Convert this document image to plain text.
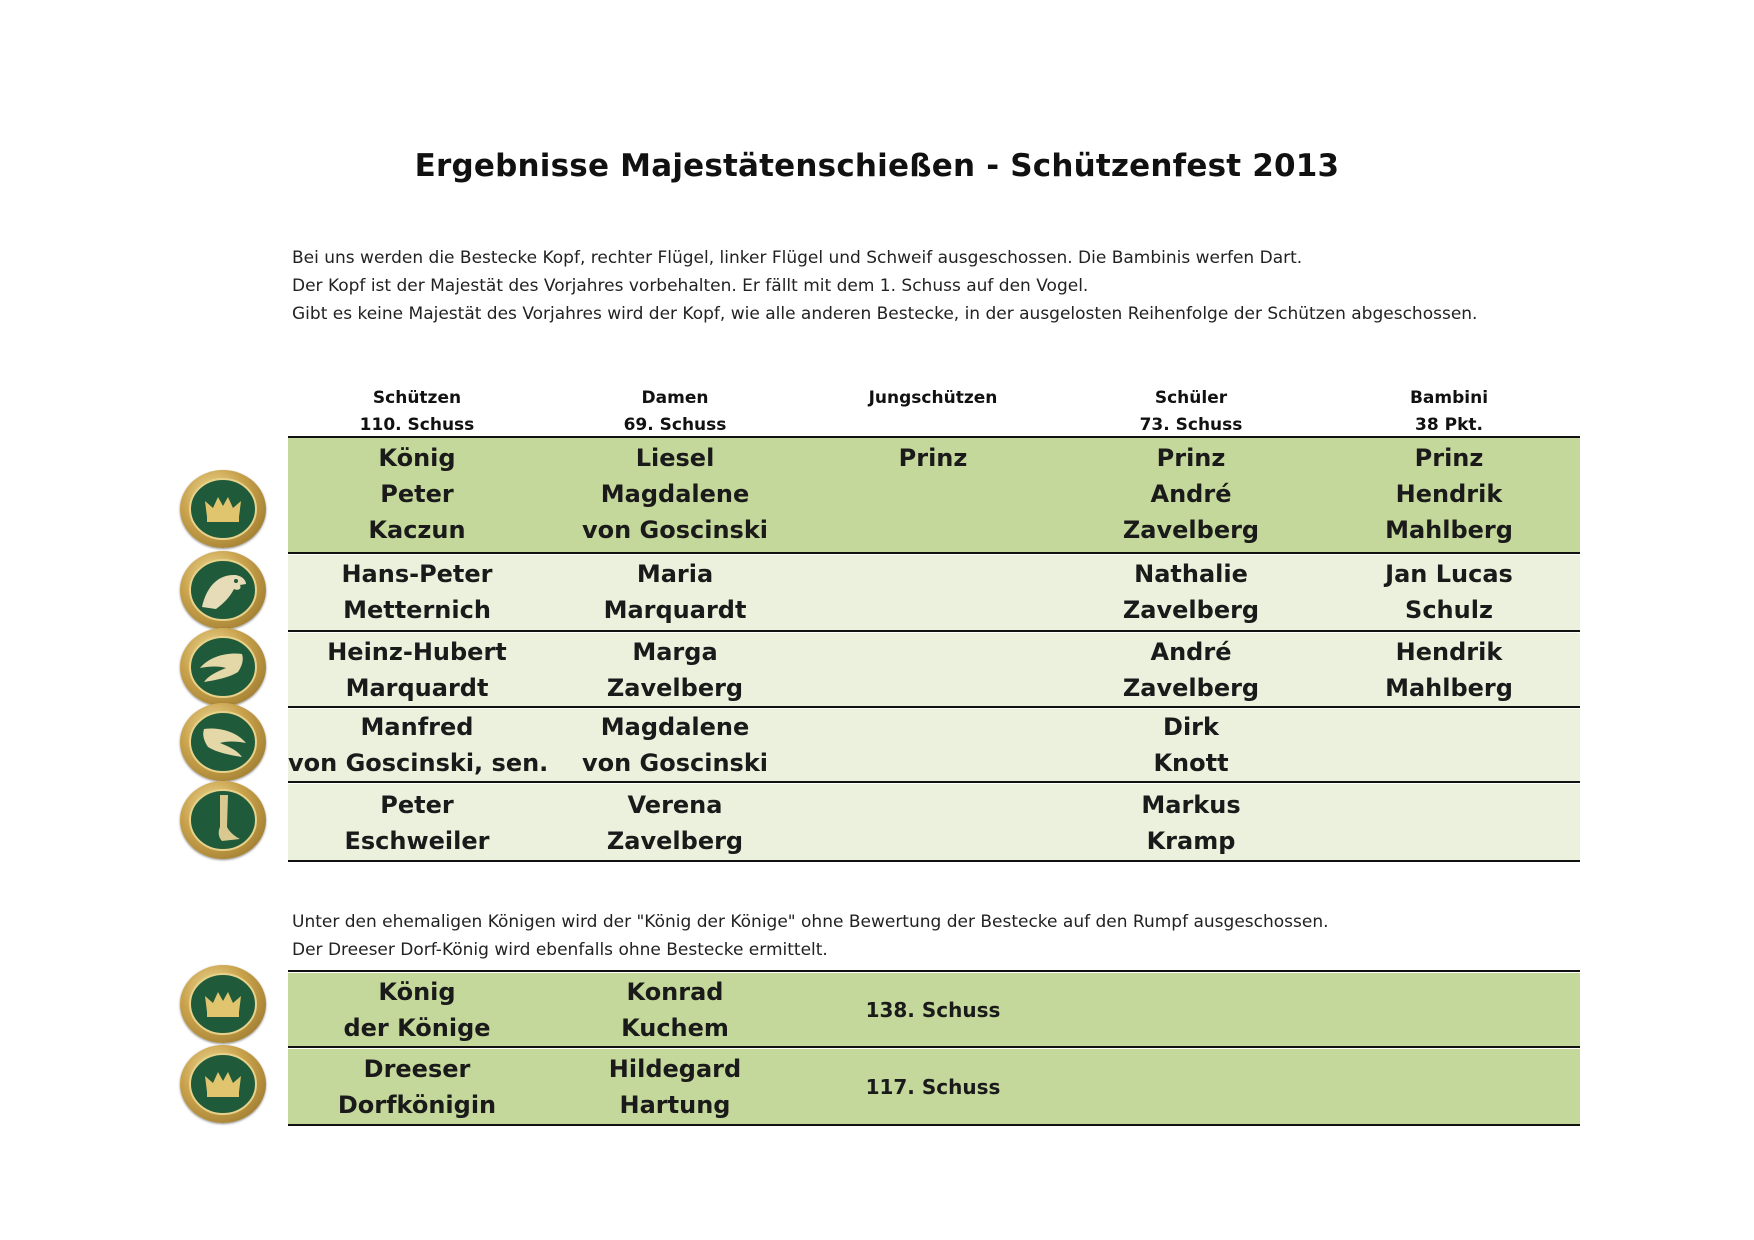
Ergebnisse Majestätenschießen - Schützenfest 2013
Bei uns werden die Bestecke Kopf, rechter Flügel, linker Flügel und Schweif ausgeschossen. Die Bambinis werfen Dart.
Der Kopf ist der Majestät des Vorjahres vorbehalten. Er fällt mit dem 1. Schuss auf den Vogel.
Gibt es keine Majestät des Vorjahres wird der Kopf, wie alle anderen Bestecke, in der ausgelosten Reihenfolge der Schützen abgeschossen.
Schützen
110. Schuss
Damen
69. Schuss
Jungschützen	Schüler
73. Schuss
Bambini
38 Pkt.
König
Peter
Kaczun
Liesel
Magdalene
von Goscinski
Prinz	Prinz
André
Zavelberg
Prinz
Hendrik
Mahlberg
Hans-Peter
Metternich
Maria
Marquardt
Nathalie
Zavelberg
Jan Lucas
Schulz
Heinz-Hubert
Marquardt
Marga
Zavelberg
André
Zavelberg
Hendrik
Mahlberg
Manfred
von Goscinski, sen.
Magdalene
von Goscinski
Dirk
Knott
Peter
Eschweiler
Verena
Zavelberg
Markus
Kramp
Unter den ehemaligen Königen wird der "König der Könige" ohne Bewertung der Bestecke auf den Rumpf ausgeschossen.
Der Dreeser Dorf-König wird ebenfalls ohne Bestecke ermittelt.
König
der Könige
Konrad
Kuchem
138. Schuss
Dreeser
Dorfkönigin
Hildegard
Hartung
117. Schuss
